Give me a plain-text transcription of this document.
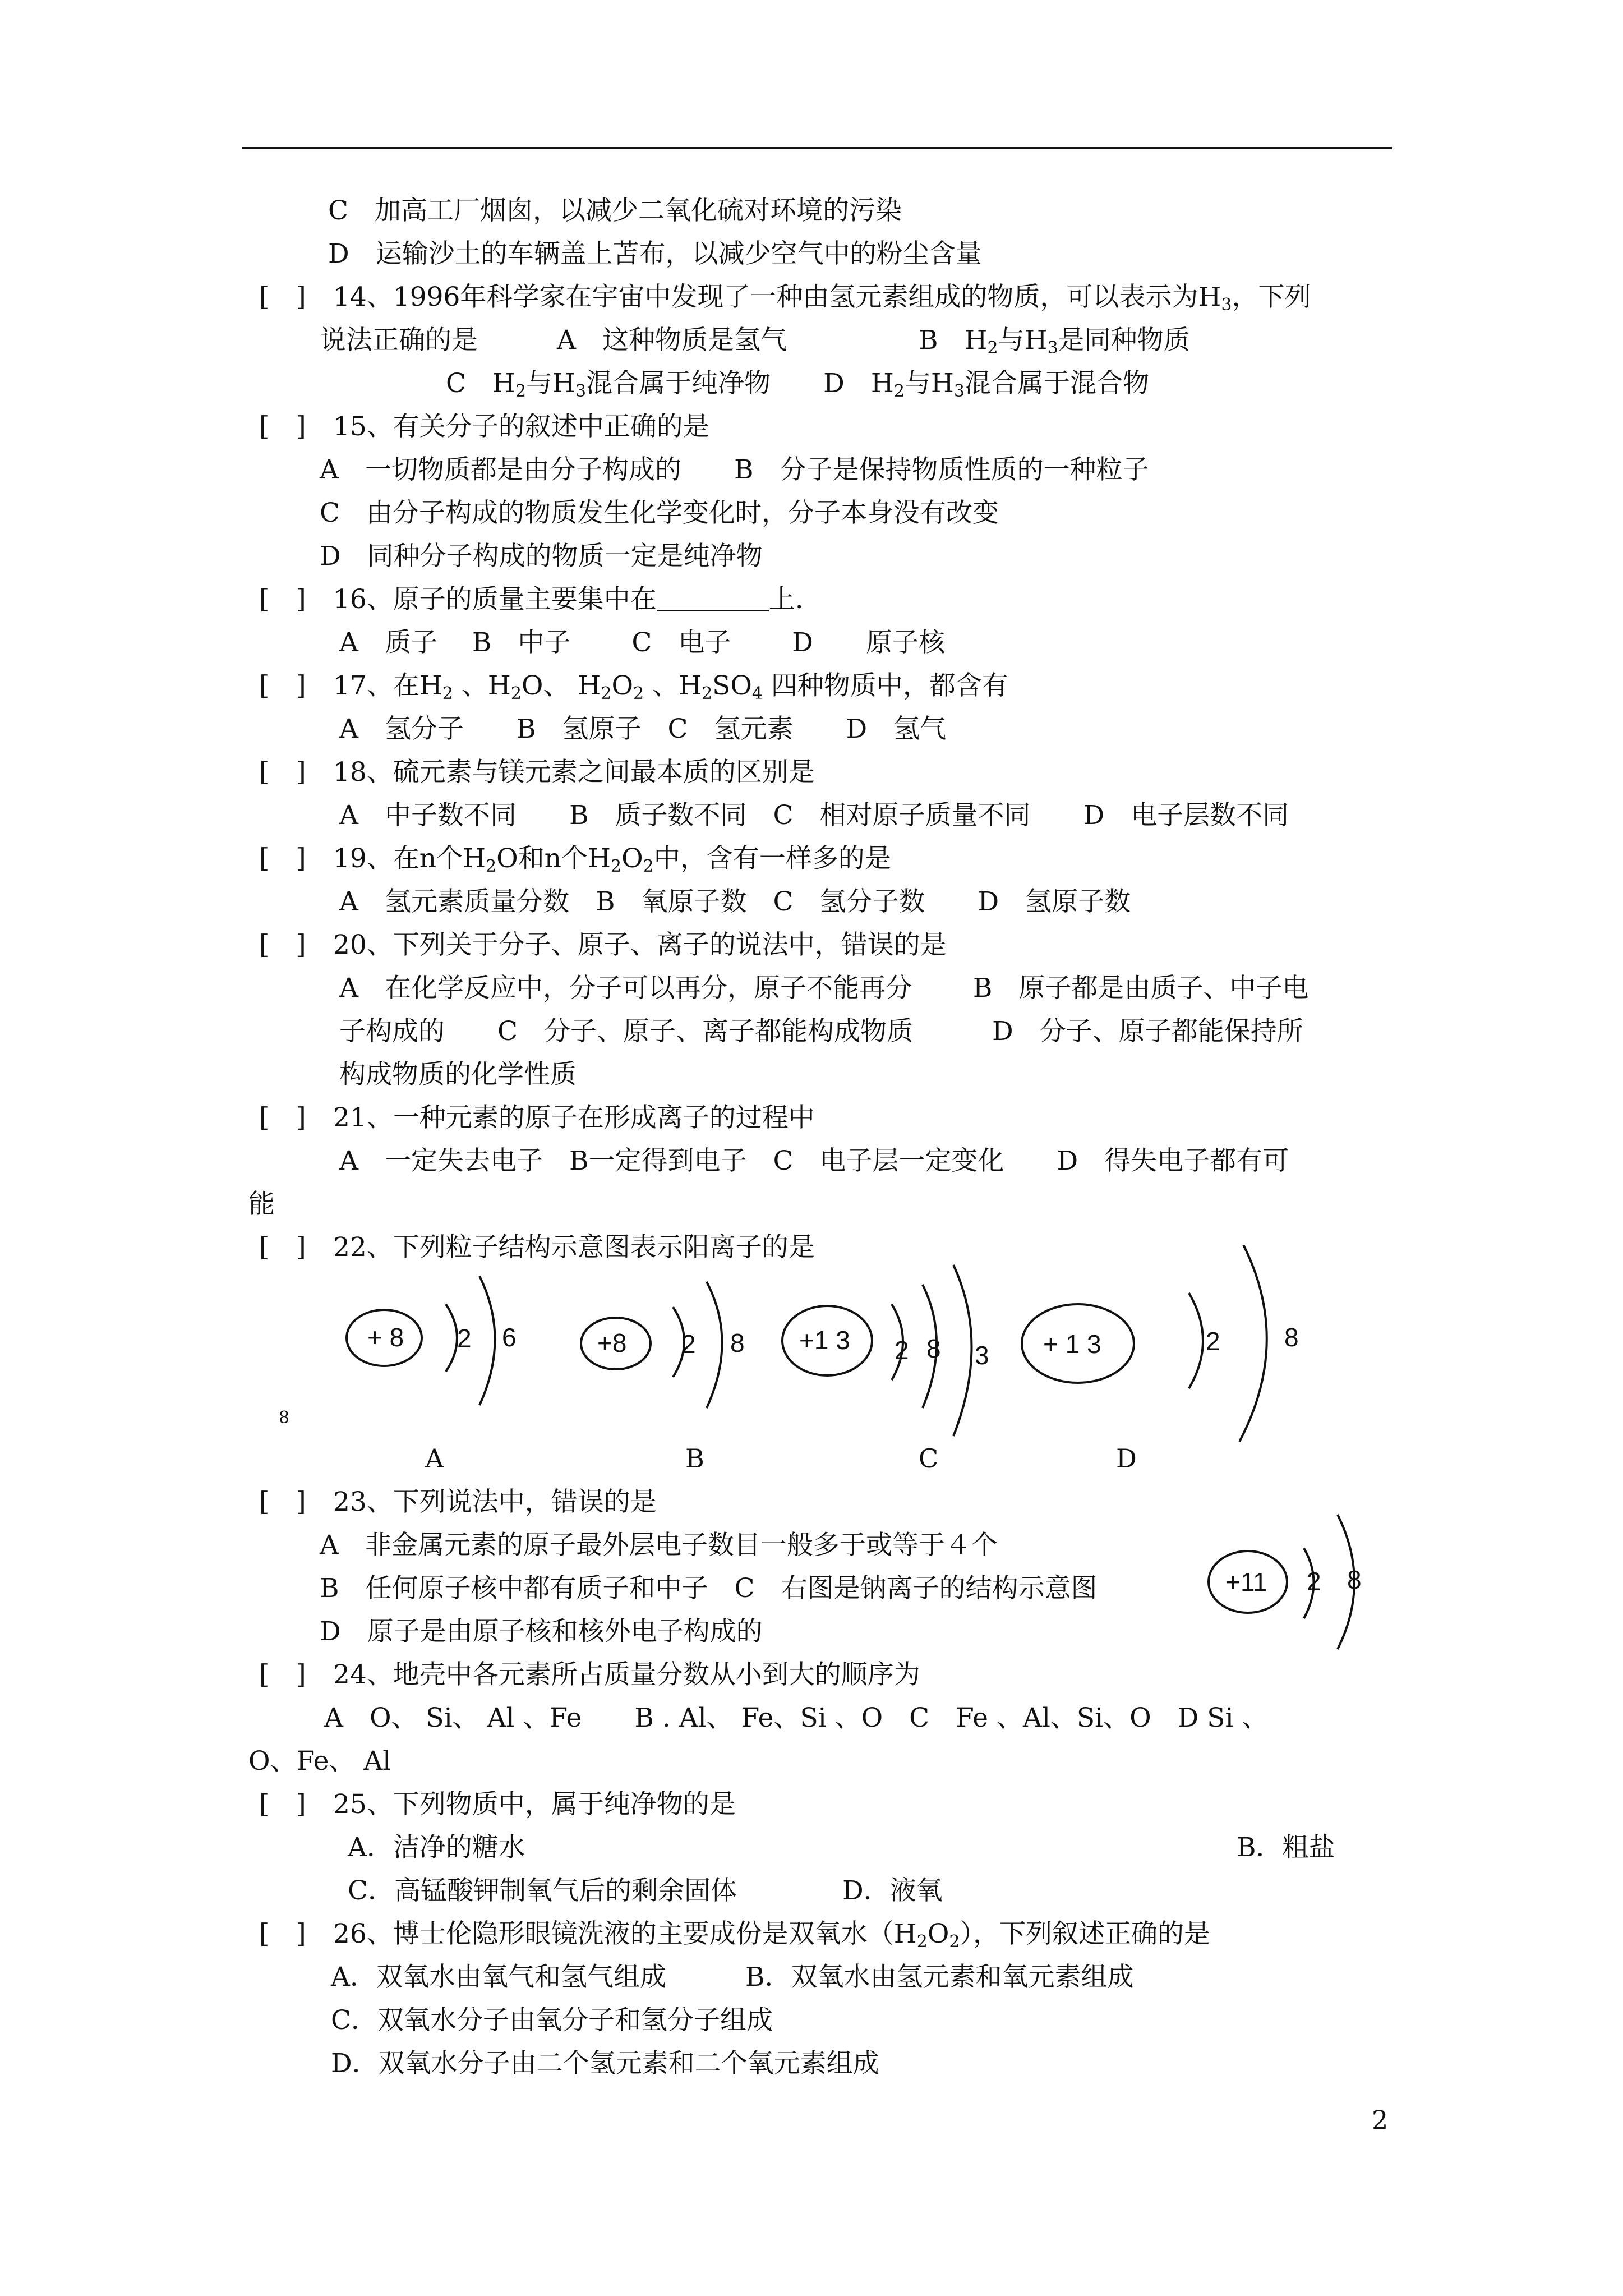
C　加高工厂烟囱，以减少二氧化硫对环境的污染
D　运输沙土的车辆盖上苫布，以减少空气中的粉尘含量
[　] 14、1996年科学家在宇宙中发现了一种由氢元素组成的物质，可以表示为$H_3$，下列
说法正确的是　　　A　这种物质是氢气　　　　　B　$H_2$与$H_3$是同种物质
C　$H_2$与$H_3$混合属于纯净物　　D　$H_2$与$H_3$混合属于混合物
[　] 15、有关分子的叙述中正确的是
A　一切物质都是由分子构成的　　B　分子是保持物质性质的一种粒子
C　由分子构成的物质发生化学变化时，分子本身没有改变
D　同种分子构成的物质一定是纯净物
[　] 16、原子的质量主要集中在	上.
A　质子　 B　中子　　 C　电子　　 D　　原子核
[　] 17、在$H_2$ 、$H_2O$、 $H_2O_2$ 、$H_2SO_4$ 四种物质中，都含有
A　氢分子　　B　氢原子　C　氢元素　　D　氢气
[　] 18、硫元素与镁元素之间最本质的区别是
A　中子数不同　　B　质子数不同　C　相对原子质量不同　　D　电子层数不同
[　] 19、在n个$H_2O$和n个$H_2O_2$中，含有一样多的是
A　氢元素质量分数　B　氧原子数　C　氢分子数　　D　氢原子数
[　] 20、下列关于分子、原子、离子的说法中，错误的是
A　在化学反应中，分子可以再分，原子不能再分　　 B　原子都是由质子、中子电
子构成的　　C　分子、原子、离子都能构成物质　　　D　分子、原子都能保持所
构成物质的化学性质
[　] 21、一种元素的原子在形成离子的过程中
A　一定失去电子　B一定得到电子　C　电子层一定变化　　D　得失电子都有可
能
[　] 22、下列粒子结构示意图表示阳离子的是
[　] 23、下列说法中，错误的是
A　非金属元素的原子最外层电子数目一般多于或等于４个
B　任何原子核中都有质子和中子　C　右图是钠离子的结构示意图
D　原子是由原子核和核外电子构成的
[　] 24、地壳中各元素所占质量分数从小到大的顺序为
A　O、 Si、 Al 、Fe　　B . Al、 Fe、Si 、O　C　Fe 、Al、Si、O　D Si 、
O、Fe、 Al
[　] 25、下列物质中，属于纯净物的是
A．洁净的糖水	B．粗盐
C．高锰酸钾制氧气后的剩余固体　　　　D．液氧
[　] 26、博士伦隐形眼镜洗液的主要成份是双氧水$(H_2O_2)$，下列叙述正确的是
A．双氧水由氧气和氢气组成　　　B．双氧水由氢元素和氧元素组成
C．双氧水分子由氧分子和氢分子组成
D．双氧水分子由二个氢元素和二个氧元素组成
+ 8 2 6	+8 2 8 +1 3 2 8 3 + 1 3	2 8
8
A	B	C	D
+11 2 8
2
